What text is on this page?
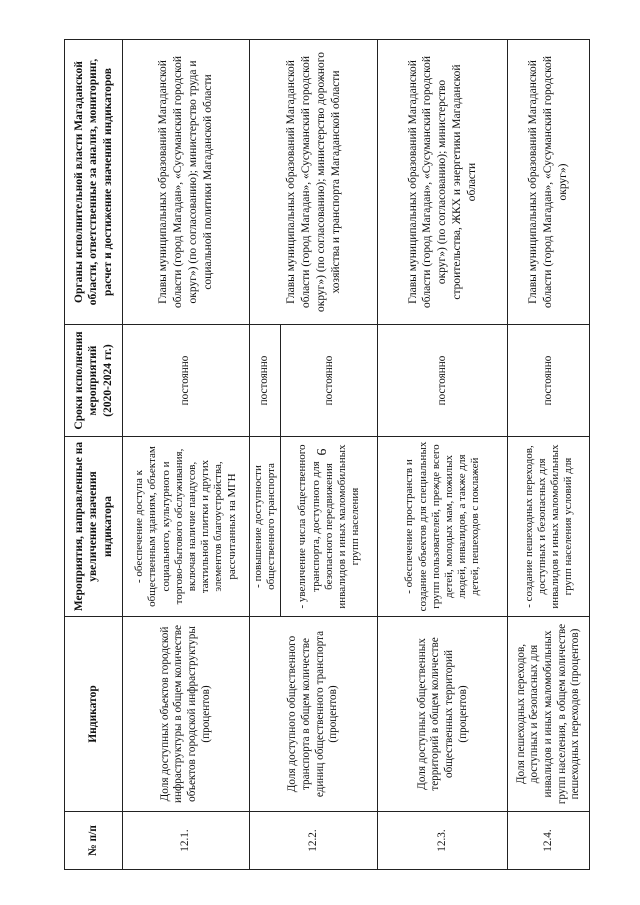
9
№ п/п	Индикатор	Мероприятия, направленные на увеличение значения индикатора	Сроки исполнения мероприятий (2020-2024 гг.)	Органы исполнительной власти Магаданской области, ответственные за анализ, мониторинг, расчет и достижение значений индикаторов
12.1.	Доля доступных объектов городской инфраструктуры в общем количестве объектов городской инфраструктуры (процентов)	- обеспечение доступа к общественным зданиям, объектам социального, культурного и торгово-бытового обслуживания, включая наличие пандусов, тактильной плитки и других элементов благоустройства, рассчитанных на МГН	постоянно	Главы муниципальных образований Магаданской области (город Магадан», «Сусуманский городской округ») (по согласованию); министерство труда и социальной политики Магаданской области
12.2.	Доля доступного общественного транспорта в общем количестве единиц общественного транспорта (процентов)	- повышение доступности общественного транспорта	постоянно	Главы муниципальных образований Магаданской области (город Магадан», «Сусуманский городской округ») (по согласованию); министерство дорожного хозяйства и транспорта Магаданской области
		- увеличение числа общественного транспорта, доступного для безопасного передвижения инвалидов и иных маломобильных групп населения	постоянно	
12.3.	Доля доступных общественных территорий в общем количестве общественных территорий (процентов)	- обеспечение пространств и создание объектов для специальных групп пользователей, прежде всего детей, молодых мам, пожилых людей, инвалидов, а также для детей, пешеходов с поклажей	постоянно	Главы муниципальных образований Магаданской области (город Магадан», «Сусуманский городской округ») (по согласованию); министерство строительства, ЖКХ и энергетики Магаданской области
12.4.	Доля пешеходных переходов, доступных и безопасных для инвалидов и иных маломобильных групп населения, в общем количестве пешеходных переходов (процентов)	- создание пешеходных переходов, доступных и безопасных для инвалидов и иных маломобильных групп населения условий для	постоянно	Главы муниципальных образований Магаданской области (город Магадан», «Сусуманский городской округ»)
